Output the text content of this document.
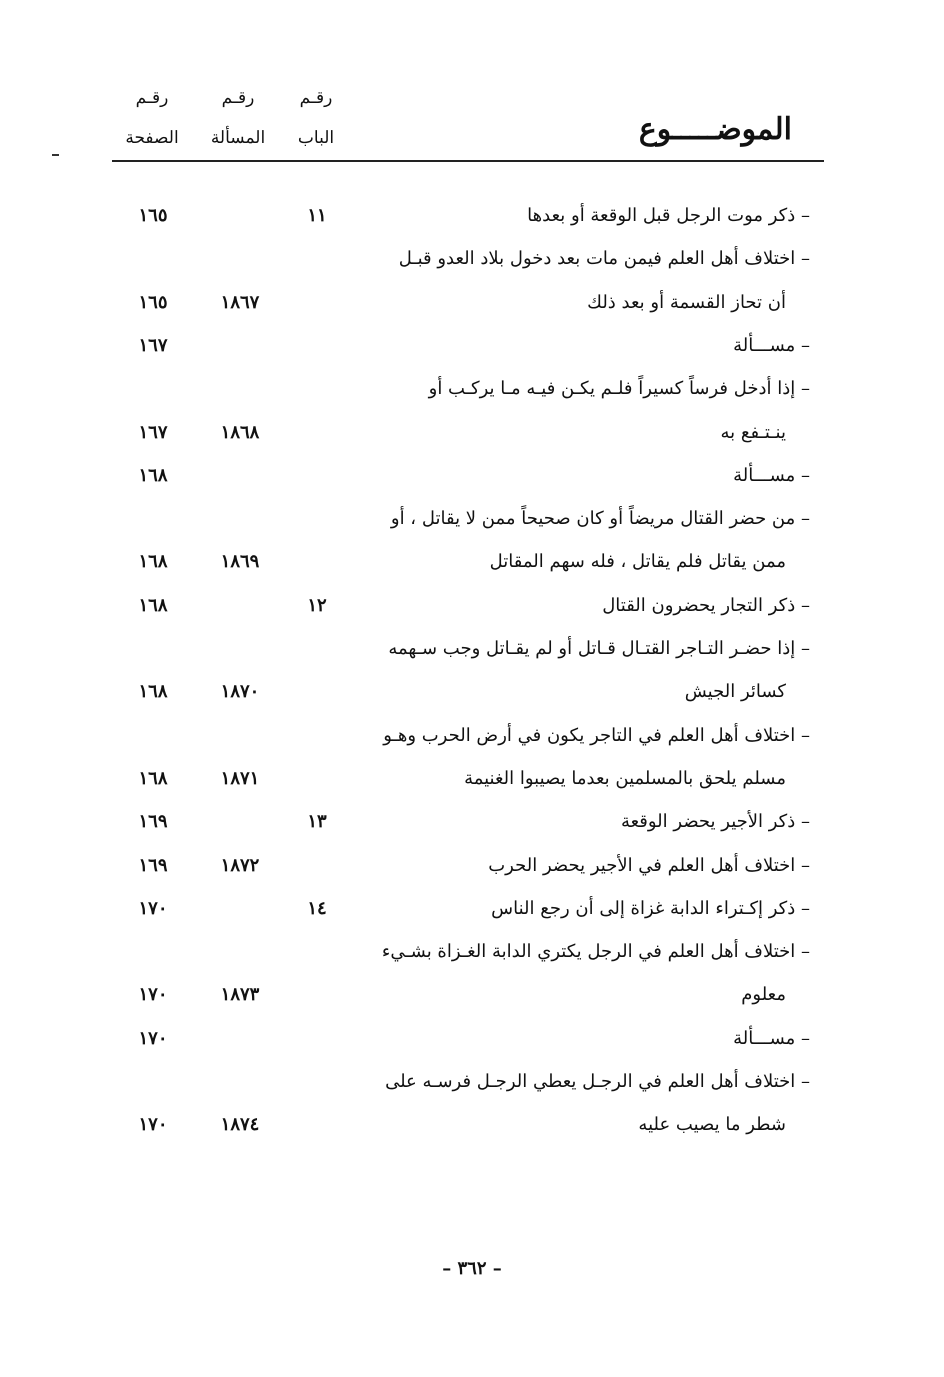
الموضـــــوع
رقـم
الباب
رقـم
المسألة
رقـم
الصفحة
– ذكر موت الرجل قبل الوقعة أو بعدها
١١
١٦٥
– اختلاف أهل العلم فيمن مات بعد دخول بلاد العدو قبـل
أن تحاز القسمة أو بعد ذلك
١٨٦٧
١٦٥
– مســـألة
١٦٧
– إذا أدخل فرساً كسيراً فلـم يكـن فيـه مـا يركـب أو
ينـتـفع به
١٨٦٨
١٦٧
– مســـألة
١٦٨
– من حضر القتال مريضاً أو كان صحيحاً ممن لا يقاتل ، أو
ممن يقاتل فلم يقاتل ، فله سهم المقاتل
١٨٦٩
١٦٨
– ذكر التجار يحضرون القتال
١٢
١٦٨
– إذا حضـر التـاجر القتـال قـاتل أو لم يقـاتل وجب سـهمه
كسائر الجيش
١٨٧٠
١٦٨
– اختلاف أهل العلم في التاجر يكون في أرض الحرب وهـو
مسلم يلحق بالمسلمين بعدما يصيبوا الغنيمة
١٨٧١
١٦٨
– ذكر الأجير يحضر الوقعة
١٣
١٦٩
– اختلاف أهل العلم في الأجير يحضر الحرب
١٨٧٢
١٦٩
– ذكر إكـتراء الدابة غزاة إلى أن رجع الناس
١٤
١٧٠
– اختلاف أهل العلم في الرجل يكتري الدابة الغـزاة بشـيء
معلوم
١٨٧٣
١٧٠
– مســـألة
١٧٠
– اختلاف أهل العلم في الرجـل يعطي الرجـل فرسـه على
شطر ما يصيب عليه
١٨٧٤
١٧٠
– ٣٦٢ –
